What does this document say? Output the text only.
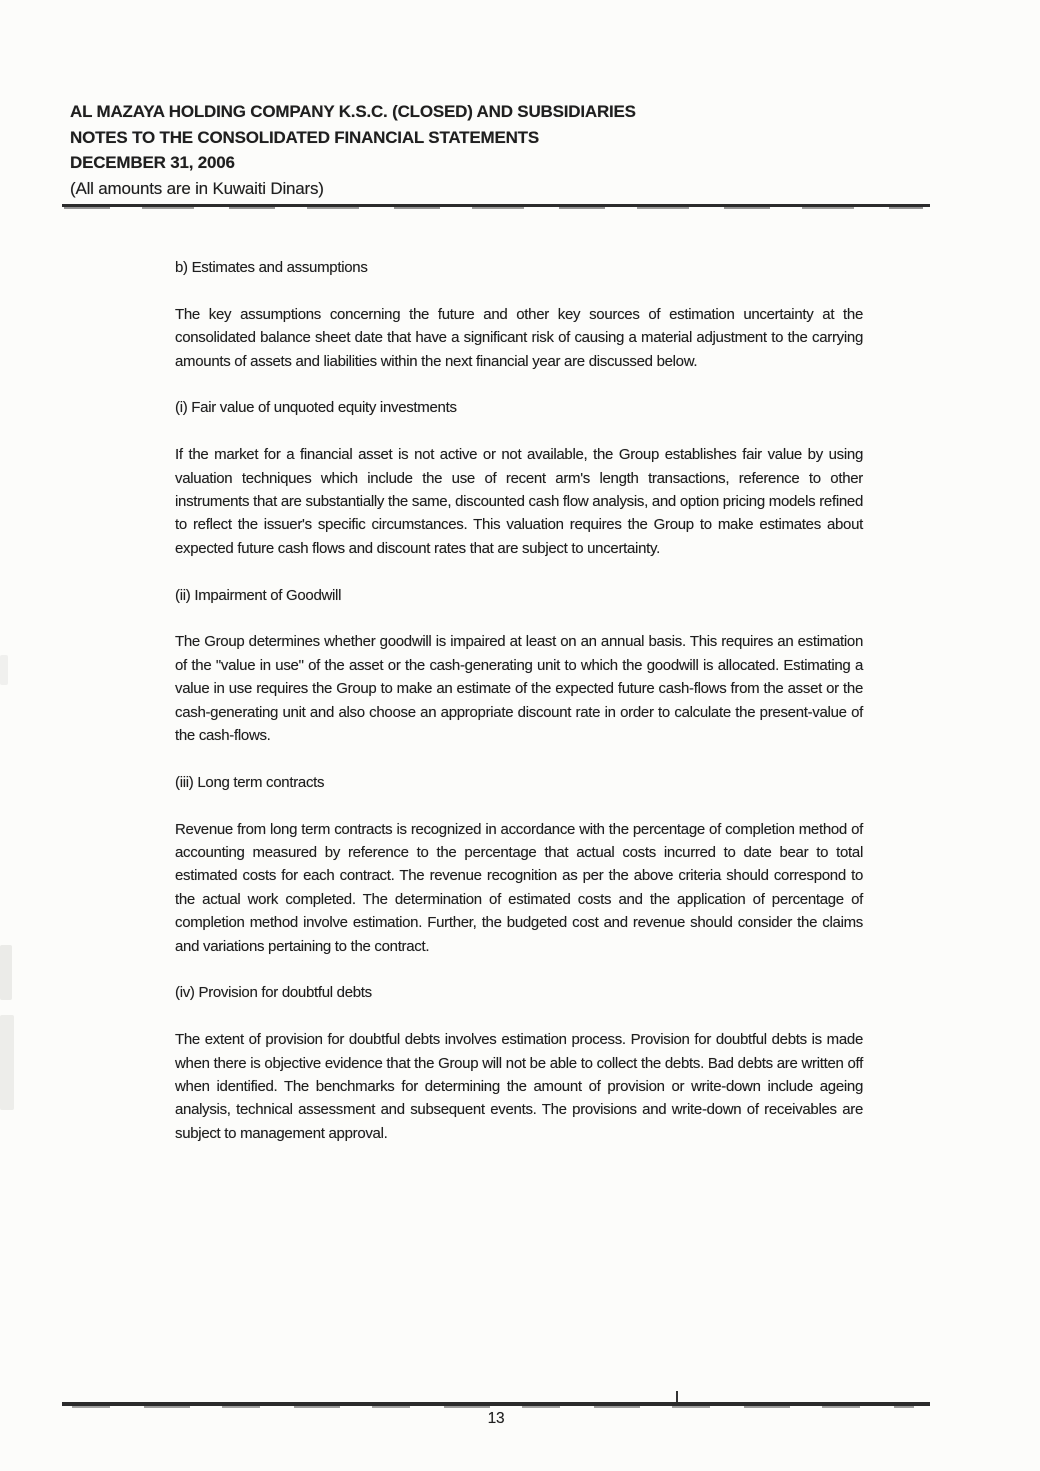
AL MAZAYA HOLDING COMPANY K.S.C. (CLOSED) AND SUBSIDIARIES
NOTES TO THE CONSOLIDATED FINANCIAL STATEMENTS
DECEMBER 31, 2006
(All amounts are in Kuwaiti Dinars)
b) Estimates and assumptions

The key assumptions concerning the future and other key sources of estimation uncertainty at the consolidated balance sheet date that have a significant risk of causing a material adjustment to the carrying amounts of assets and liabilities within the next financial year are discussed below.

(i) Fair value of unquoted equity investments

If the market for a financial asset is not active or not available, the Group establishes fair value by using valuation techniques which include the use of recent arm's length transactions, reference to other instruments that are substantially the same, discounted cash flow analysis, and option pricing models refined to reflect the issuer's specific circumstances. This valuation requires the Group to make estimates about expected future cash flows and discount rates that are subject to uncertainty.

(ii) Impairment of Goodwill

The Group determines whether goodwill is impaired at least on an annual basis. This requires an estimation of the "value in use" of the asset or the cash-generating unit to which the goodwill is allocated. Estimating a value in use requires the Group to make an estimate of the expected future cash-flows from the asset or the cash-generating unit and also choose an appropriate discount rate in order to calculate the present-value of the cash-flows.

(iii) Long term contracts

Revenue from long term contracts is recognized in accordance with the percentage of completion method of accounting measured by reference to the percentage that actual costs incurred to date bear to total estimated costs for each contract. The revenue recognition as per the above criteria should correspond to the actual work completed. The determination of estimated costs and the application of percentage of completion method involve estimation. Further, the budgeted cost and revenue should consider the claims and variations pertaining to the contract.

(iv) Provision for doubtful debts

The extent of provision for doubtful debts involves estimation process. Provision for doubtful debts is made when there is objective evidence that the Group will not be able to collect the debts. Bad debts are written off when identified. The benchmarks for determining the amount of provision or write-down include ageing analysis, technical assessment and subsequent events. The provisions and write-down of receivables are subject to management approval.

13
